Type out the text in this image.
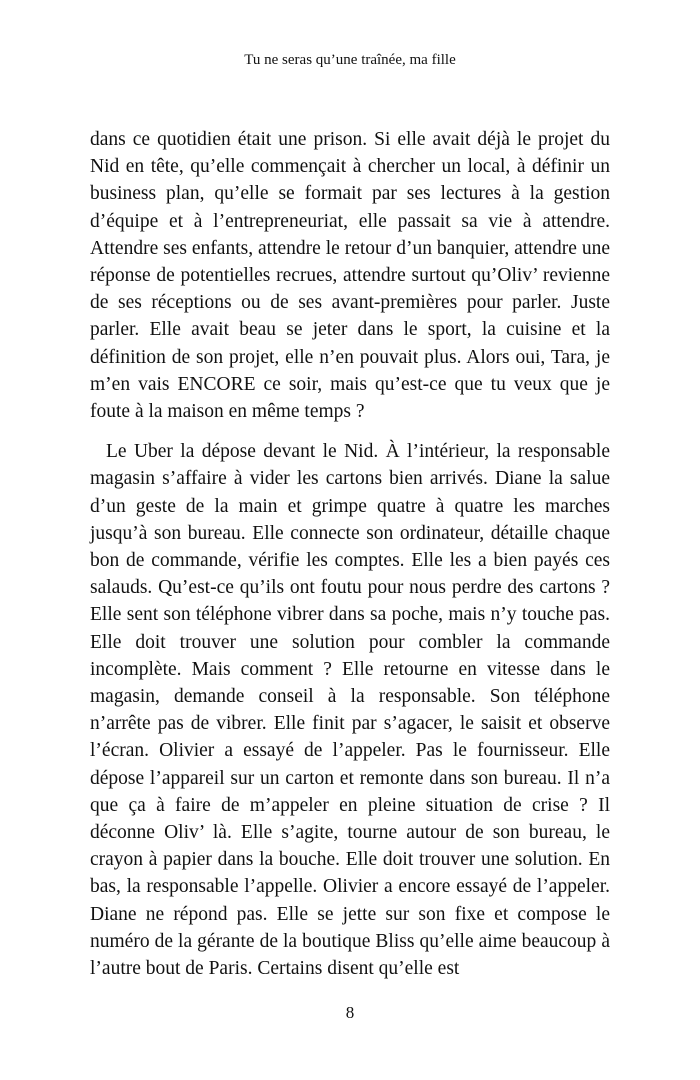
Tu ne seras qu’une traînée, ma fille

dans ce quotidien était une prison. Si elle avait déjà le projet du Nid en tête, qu’elle commençait à chercher un local, à définir un business plan, qu’elle se formait par ses lectures à la gestion d’équipe et à l’entrepreneuriat, elle passait sa vie à attendre. Attendre ses enfants, attendre le retour d’un banquier, attendre une réponse de potentielles recrues, attendre surtout qu’Oliv’ revienne de ses réceptions ou de ses avant-premières pour parler. Juste parler. Elle avait beau se jeter dans le sport, la cuisine et la définition de son projet, elle n’en pouvait plus. Alors oui, Tara, je m’en vais ENCORE ce soir, mais qu’est-ce que tu veux que je foute à la maison en même temps ?

Le Uber la dépose devant le Nid. À l’intérieur, la responsable magasin s’affaire à vider les cartons bien arrivés. Diane la salue d’un geste de la main et grimpe quatre à quatre les marches jusqu’à son bureau. Elle connecte son ordinateur, détaille chaque bon de commande, vérifie les comptes. Elle les a bien payés ces salauds. Qu’est-ce qu’ils ont foutu pour nous perdre des cartons ? Elle sent son téléphone vibrer dans sa poche, mais n’y touche pas. Elle doit trouver une solution pour combler la commande incomplète. Mais comment ? Elle retourne en vitesse dans le magasin, demande conseil à la responsable. Son téléphone n’arrête pas de vibrer. Elle finit par s’agacer, le saisit et observe l’écran. Olivier a essayé de l’appeler. Pas le fournisseur. Elle dépose l’appareil sur un carton et remonte dans son bureau. Il n’a que ça à faire de m’appeler en pleine situation de crise ? Il déconne Oliv’ là. Elle s’agite, tourne autour de son bureau, le crayon à papier dans la bouche. Elle doit trouver une solution. En bas, la responsable l’appelle. Olivier a encore essayé de l’appeler. Diane ne répond pas. Elle se jette sur son fixe et compose le numéro de la gérante de la boutique Bliss qu’elle aime beaucoup à l’autre bout de Paris. Certains disent qu’elle est

8
